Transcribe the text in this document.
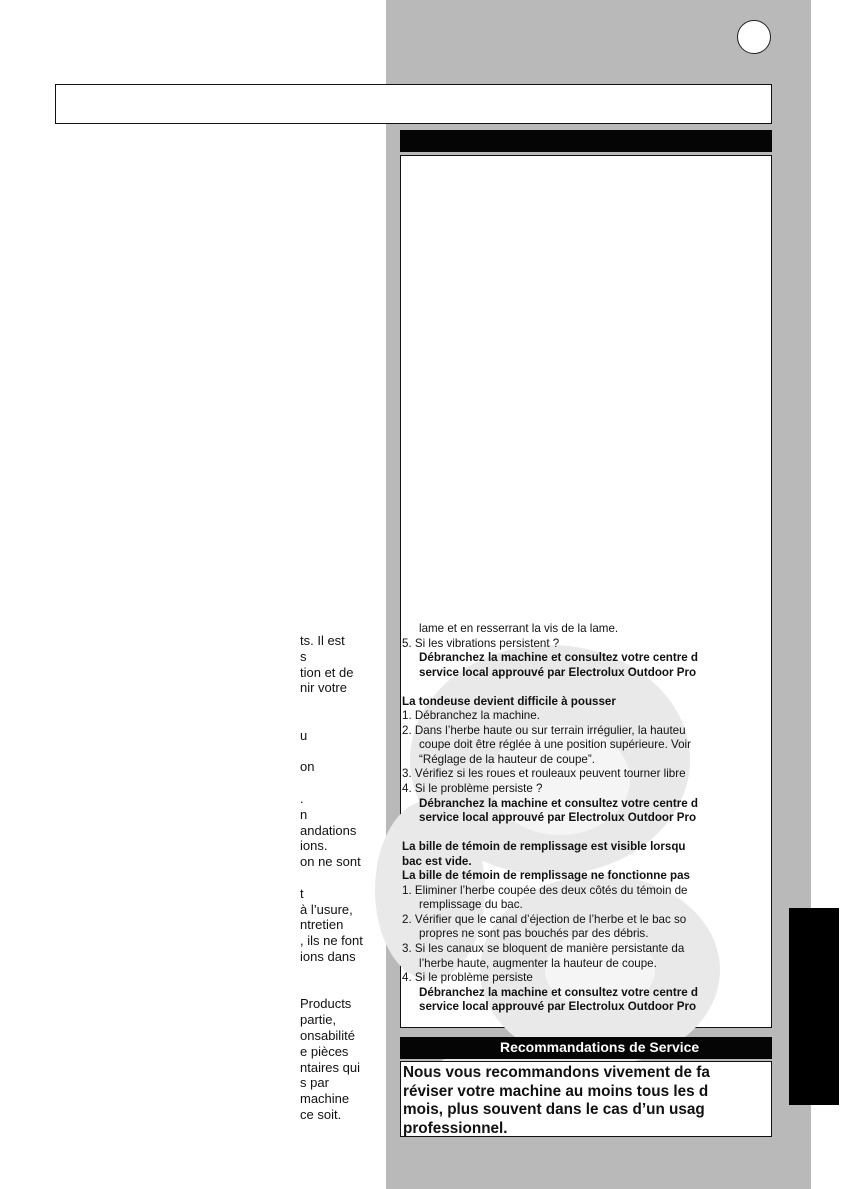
ts. Il est
s
tion et de
nir votre
u
on
.
n
andations
ions.
on ne sont
t
à l’usure,
ntretien
, ils ne font
ions dans
Products
partie,
onsabilité
e pièces
ntaires qui
s par
machine
ce soit.
lame et en resserrant la vis de la lame.
5. Si les vibrations persistent ?
Débranchez la machine et consultez votre centre d
service local approuvé par Electrolux Outdoor Pro
La tondeuse devient difficile à pousser
1. Débranchez la machine.
2. Dans l’herbe haute ou sur terrain irrégulier, la hauteu
coupe doit être réglée à une position supérieure. Voir
“Réglage de la hauteur de coupe”.
3. Vérifiez si les roues et rouleaux peuvent tourner libre
4. Si le problème persiste ?
Débranchez la machine et consultez votre centre d
service local approuvé par Electrolux Outdoor Pro
La bille de témoin de remplissage est visible lorsqu
bac est vide.
La bille de témoin de remplissage ne fonctionne pas
1. Eliminer l’herbe coupée des deux côtés du témoin de
remplissage du bac.
2. Vérifier que le canal d’éjection de l’herbe et le bac so
propres ne sont pas bouchés par des débris.
3. Si les canaux se bloquent de manière persistante da
l’herbe haute, augmenter la hauteur de coupe.
4. Si le problème persiste
Débranchez la machine et consultez votre centre d
service local approuvé par Electrolux Outdoor Pro
Recommandations de Service
Nous vous recommandons vivement de fa
réviser votre machine au moins tous les d
mois, plus souvent dans le cas d’un usag
professionnel.
